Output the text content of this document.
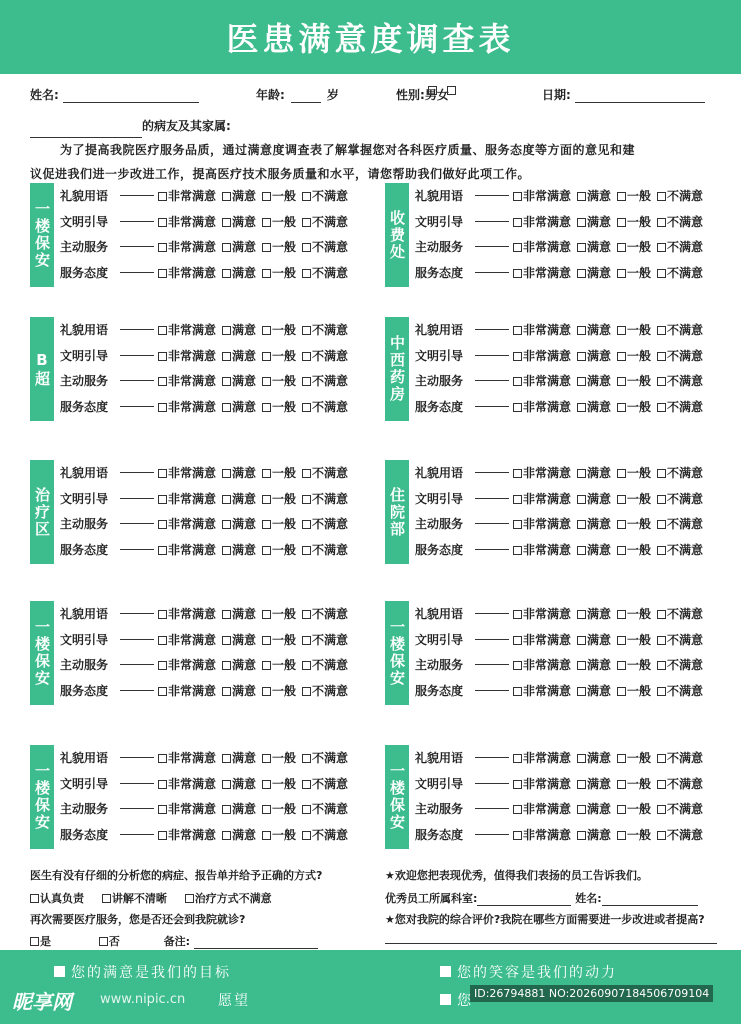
医患满意度调查表
姓名:	年龄:	岁	性别:
男
女	日期:
的病友及其家属:

为了提高我院医疗服务品质，通过满意度调查表了解掌握您对各科医疗质量、服务态度等方面的意见和建

议促进我们进一步改进工作，提高医疗技术服务质量和水平，请您帮助我们做好此项工作。

一楼保安
礼貌用语	非常满意	满意	一般	不满意
文明引导	非常满意	满意	一般	不满意
主动服务	非常满意	满意	一般	不满意
服务态度	非常满意	满意	一般	不满意
收费处
礼貌用语	非常满意	满意	一般	不满意
文明引导	非常满意	满意	一般	不满意
主动服务	非常满意	满意	一般	不满意
服务态度	非常满意	满意	一般	不满意
B超
礼貌用语	非常满意	满意	一般	不满意
文明引导	非常满意	满意	一般	不满意
主动服务	非常满意	满意	一般	不满意
服务态度	非常满意	满意	一般	不满意
中西药房
礼貌用语	非常满意	满意	一般	不满意
文明引导	非常满意	满意	一般	不满意
主动服务	非常满意	满意	一般	不满意
服务态度	非常满意	满意	一般	不满意
治疗区
礼貌用语	非常满意	满意	一般	不满意
文明引导	非常满意	满意	一般	不满意
主动服务	非常满意	满意	一般	不满意
服务态度	非常满意	满意	一般	不满意
住院部
礼貌用语	非常满意	满意	一般	不满意
文明引导	非常满意	满意	一般	不满意
主动服务	非常满意	满意	一般	不满意
服务态度	非常满意	满意	一般	不满意
一楼保安
礼貌用语	非常满意	满意	一般	不满意
文明引导	非常满意	满意	一般	不满意
主动服务	非常满意	满意	一般	不满意
服务态度	非常满意	满意	一般	不满意
一楼保安
礼貌用语	非常满意	满意	一般	不满意
文明引导	非常满意	满意	一般	不满意
主动服务	非常满意	满意	一般	不满意
服务态度	非常满意	满意	一般	不满意
一楼保安
礼貌用语	非常满意	满意	一般	不满意
文明引导	非常满意	满意	一般	不满意
主动服务	非常满意	满意	一般	不满意
服务态度	非常满意	满意	一般	不满意
一楼保安
礼貌用语	非常满意	满意	一般	不满意
文明引导	非常满意	满意	一般	不满意
主动服务	非常满意	满意	一般	不满意
服务态度	非常满意	满意	一般	不满意
医生有没有仔细的分析您的病症、报告单并给予正确的方式?
认真负责	讲解不清晰	治疗方式不满意
再次需要医疗服务，您是否还会到我院就诊?
是	否	备注:
★欢迎您把表现优秀，值得我们表扬的员工告诉我们。
优秀员工所属科室:	姓名:
★您对我院的综合评价?我院在哪些方面需要进一步改进或者提高?
您的满意是我们的目标	您的笑容是我们的动力
愿望	您
昵享网 www.nipic.cn	ID:26794881 NO:20260907184506709104
